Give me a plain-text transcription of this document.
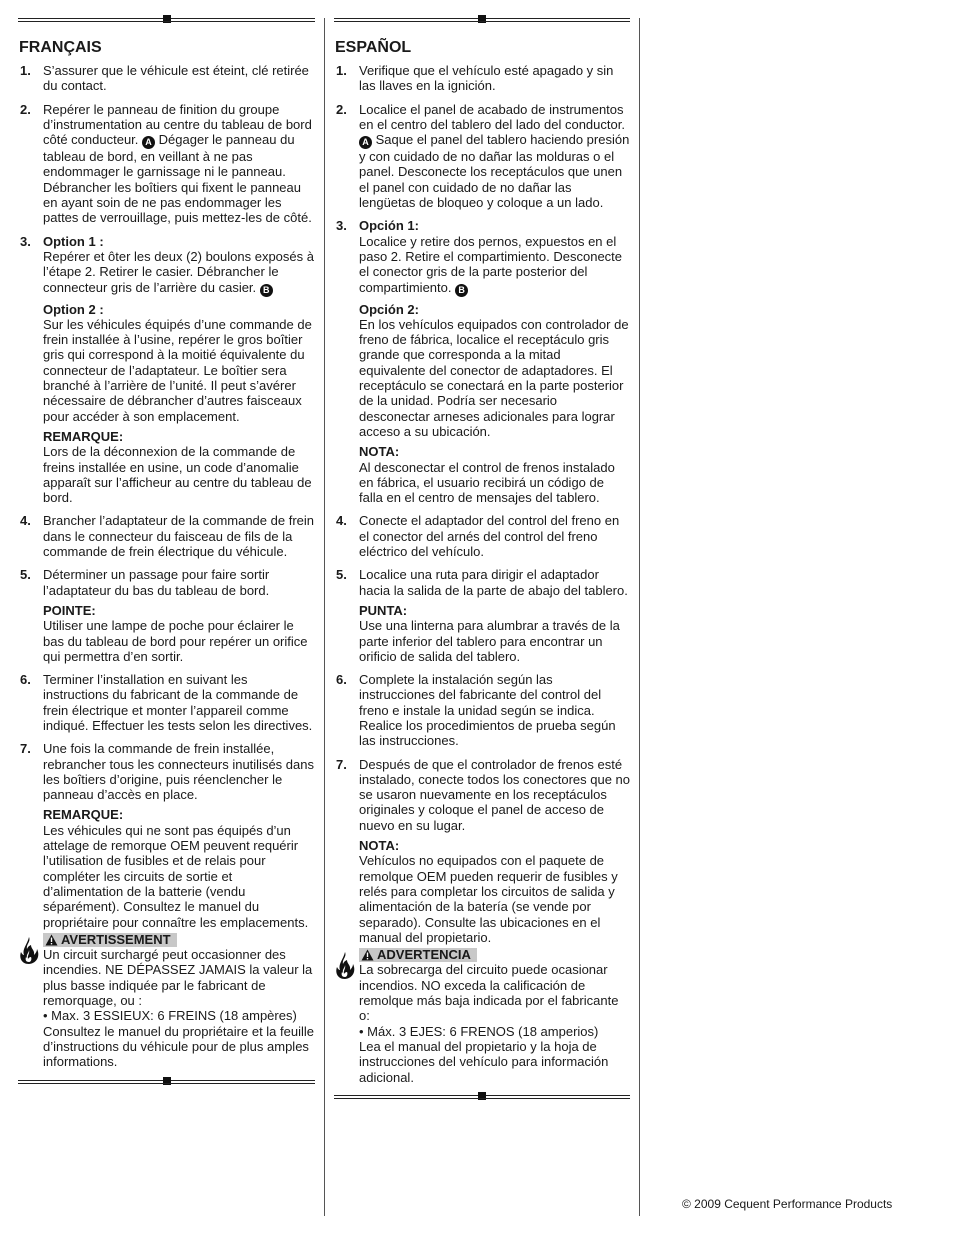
FRANÇAIS
1. S’assurer que le véhicule est éteint, clé retirée du contact.
2. Repérer le panneau de finition du groupe d’instrumentation au centre du tableau de bord côté conducteur. A Dégager le panneau du tableau de bord, en veillant à ne pas endommager le garnissage ni le panneau. Débrancher les boîtiers qui fixent le panneau en ayant soin de ne pas endommager les pattes de verrouillage, puis mettez-les de côté.
3. Option 1 :
Repérer et ôter les deux (2) boulons exposés à l’étape 2. Retirer le casier. Débrancher le connecteur gris de l’arrière du casier. B
Option 2 :
Sur les véhicules équipés d’une commande de frein installée à l’usine, repérer le gros boîtier gris qui correspond à la moitié équivalente du connecteur de l’adaptateur. Le boîtier sera branché à l’arrière de l’unité. Il peut s’avérer nécessaire de débrancher d’autres faisceaux pour accéder à son emplacement.
REMARQUE:
Lors de la déconnexion de la commande de freins installée en usine, un code d’anomalie apparaît sur l’afficheur au centre du tableau de bord.
4. Brancher l’adaptateur de la commande de frein dans le connecteur du faisceau de fils de la commande de frein électrique du véhicule.
5. Déterminer un passage pour faire sortir l’adaptateur du bas du tableau de bord.
POINTE:
Utiliser une lampe de poche pour éclairer le bas du tableau de bord pour repérer un orifice qui permettra d’en sortir.
6. Terminer l’installation en suivant les instructions du fabricant de la commande de frein électrique et monter l’appareil comme indiqué. Effectuer les tests selon les directives.
7. Une fois la commande de frein installée, rebrancher tous les connecteurs inutilisés dans les boîtiers d’origine, puis réenclencher le panneau d’accès en place.
REMARQUE:
Les véhicules qui ne sont pas équipés d’un attelage de remorque OEM peuvent requérir l’utilisation de fusibles et de relais pour compléter les circuits de sortie et d’alimentation de la batterie (vendu séparément). Consultez le manuel du propriétaire pour connaître les emplacements.
AVERTISSEMENT
Un circuit surchargé peut occasionner des incendies. NE DÉPASSEZ JAMAIS la valeur la plus basse indiquée par le fabricant de remorquage, ou :
• Max. 3 ESSIEUX: 6 FREINS (18 ampères)
Consultez le manuel du propriétaire et la feuille d’instructions du véhicule pour de plus amples informations.
ESPAÑOL
1. Verifique que el vehículo esté apagado y sin las llaves en la ignición.
2. Localice el panel de acabado de instrumentos en el centro del tablero del lado del conductor. A Saque el panel del tablero haciendo presión y con cuidado de no dañar las molduras o el panel. Desconecte los receptáculos que unen el panel con cuidado de no dañar las lengüetas de bloqueo y coloque a un lado.
3. Opción 1:
Localice y retire dos pernos, expuestos en el paso 2. Retire el compartimiento. Desconecte el conector gris de la parte posterior del compartimiento. B
Opción 2:
En los vehículos equipados con controlador de freno de fábrica, localice el receptáculo gris grande que corresponda a la mitad equivalente del conector de adaptadores. El receptáculo se conectará en la parte posterior de la unidad. Podría ser necesario desconectar arneses adicionales para lograr acceso a su ubicación.
NOTA:
Al desconectar el control de frenos instalado en fábrica, el usuario recibirá un código de falla en el centro de mensajes del tablero.
4. Conecte el adaptador del control del freno en el conector del arnés del control del freno eléctrico del vehículo.
5. Localice una ruta para dirigir el adaptador hacia la salida de la parte de abajo del tablero.
PUNTA:
Use una linterna para alumbrar a través de la parte inferior del tablero para encontrar un orificio de salida del tablero.
6. Complete la instalación según las instrucciones del fabricante del control del freno e instale la unidad según se indica. Realice los procedimientos de prueba según las instrucciones.
7. Después de que el controlador de frenos esté instalado, conecte todos los conectores que no se usaron nuevamente en los receptáculos originales y coloque el panel de acceso de nuevo en su lugar.
NOTA:
Vehículos no equipados con el paquete de remolque OEM pueden requerir de fusibles y relés para completar los circuitos de salida y alimentación de la batería (se vende por separado). Consulte las ubicaciones en el manual del propietario.
ADVERTENCIA
La sobrecarga del circuito puede ocasionar incendios. NO exceda la calificación de remolque más baja indicada por el fabricante o:
• Máx. 3 EJES: 6 FRENOS (18 amperios)
Lea el manual del propietario y la hoja de instrucciones del vehículo para información adicional.
© 2009 Cequent Performance Products
